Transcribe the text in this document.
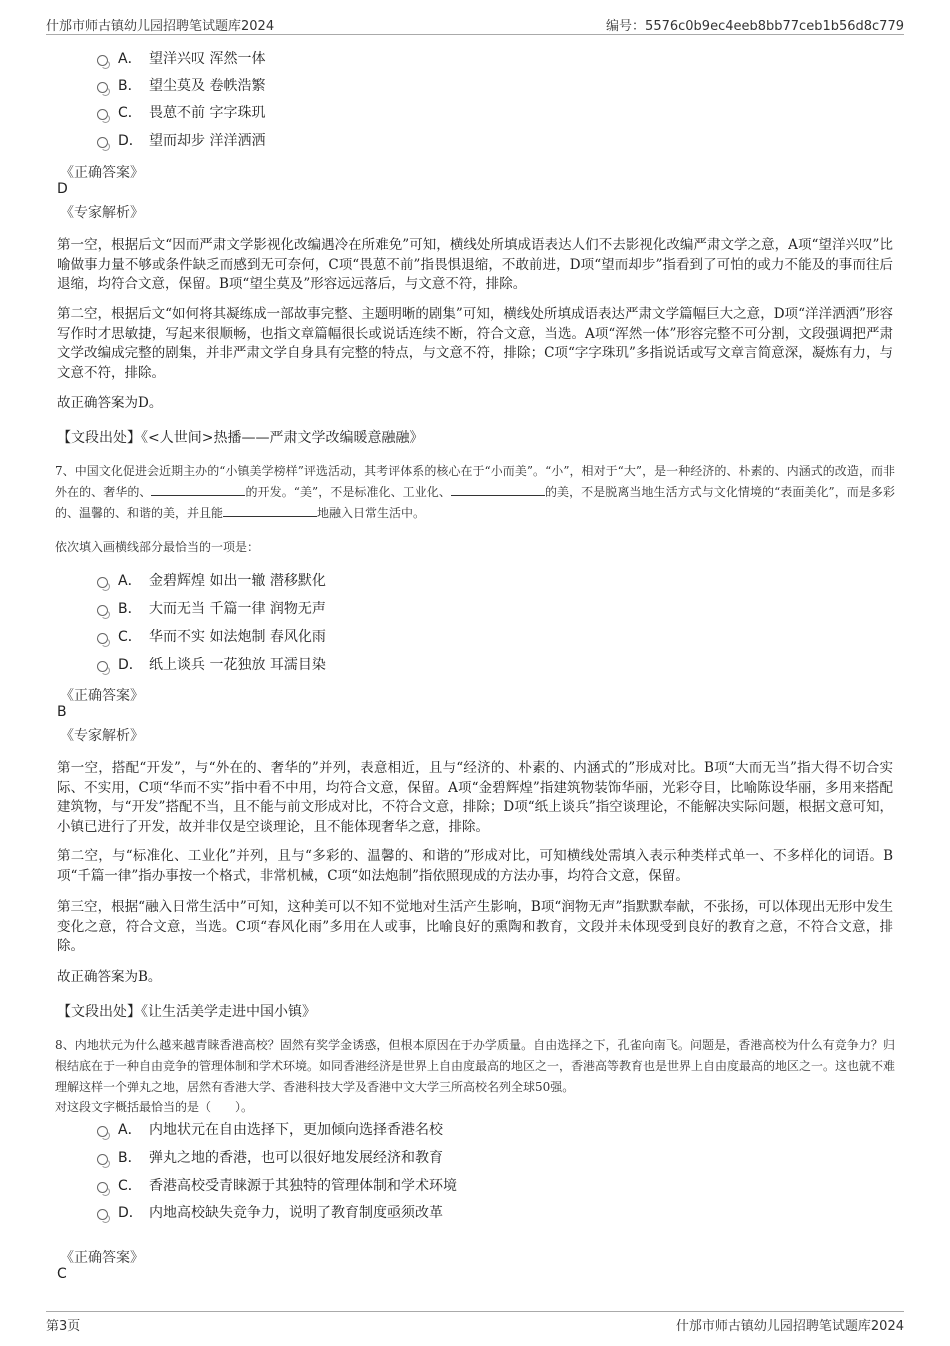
什邡市师古镇幼儿园招聘笔试题库2024	编号：5576c0b9ec4eeb8bb77ceb1b56d8c779
A． 望洋兴叹 浑然一体
B． 望尘莫及 卷帙浩繁
C． 畏葸不前 字字珠玑
D． 望而却步 洋洋洒洒
《正确答案》
D
《专家解析》
第一空，根据后文“因而严肃文学影视化改编遇冷在所难免”可知，横线处所填成语表达人们不去影视化改编严肃文学之意，A项“望洋兴叹”比喻做事力量不够或条件缺乏而感到无可奈何，C项“畏葸不前”指畏惧退缩，不敢前进，D项“望而却步”指看到了可怕的或力不能及的事而往后退缩，均符合文意，保留。B项“望尘莫及”形容远远落后，与文意不符，排除。
第二空，根据后文“如何将其凝练成一部故事完整、主题明晰的剧集”可知，横线处所填成语表达严肃文学篇幅巨大之意，D项“洋洋洒洒”形容写作时才思敏捷，写起来很顺畅，也指文章篇幅很长或说话连续不断，符合文意，当选。A项“浑然一体”形容完整不可分割，文段强调把严肃文学改编成完整的剧集，并非严肃文学自身具有完整的特点，与文意不符，排除；C项“字字珠玑”多指说话或写文章言简意深，凝炼有力，与文意不符，排除。
故正确答案为D。
【文段出处】《<人世间>热播——严肃文学改编暖意融融》
7、中国文化促进会近期主办的“小镇美学榜样”评选活动，其考评体系的核心在于“小而美”。“小”，相对于“大”，是一种经济的、朴素的、内涵式的改造，而非外在的、奢华的、	的开发。“美”，不是标准化、工业化、	的美，不是脱离当地生活方式与文化情境的“表面美化”，而是多彩的、温馨的、和谐的美，并且能	地融入日常生活中。
依次填入画横线部分最恰当的一项是：
A． 金碧辉煌 如出一辙 潜移默化
B． 大而无当 千篇一律 润物无声
C． 华而不实 如法炮制 春风化雨
D． 纸上谈兵 一花独放 耳濡目染
《正确答案》
B
《专家解析》
第一空，搭配“开发”，与“外在的、奢华的”并列，表意相近，且与“经济的、朴素的、内涵式的”形成对比。B项“大而无当”指大得不切合实际、不实用，C项“华而不实”指中看不中用，均符合文意，保留。A项“金碧辉煌”指建筑物装饰华丽，光彩夺目，比喻陈设华丽，多用来搭配建筑物，与“开发”搭配不当，且不能与前文形成对比，不符合文意，排除；D项“纸上谈兵”指空谈理论，不能解决实际问题，根据文意可知，小镇已进行了开发，故并非仅是空谈理论，且不能体现奢华之意，排除。
第二空，与“标准化、工业化”并列，且与“多彩的、温馨的、和谐的”形成对比，可知横线处需填入表示种类样式单一、不多样化的词语。B项“千篇一律”指办事按一个格式，非常机械，C项“如法炮制”指依照现成的方法办事，均符合文意，保留。
第三空，根据“融入日常生活中”可知，这种美可以不知不觉地对生活产生影响，B项“润物无声”指默默奉献，不张扬，可以体现出无形中发生变化之意，符合文意，当选。C项“春风化雨”多用在人或事，比喻良好的熏陶和教育，文段并未体现受到良好的教育之意，不符合文意，排除。
故正确答案为B。
【文段出处】《让生活美学走进中国小镇》
8、内地状元为什么越来越青睐香港高校？固然有奖学金诱惑，但根本原因在于办学质量。自由选择之下，孔雀向南飞。问题是，香港高校为什么有竞争力？归根结底在于一种自由竞争的管理体制和学术环境。如同香港经济是世界上自由度最高的地区之一，香港高等教育也是世界上自由度最高的地区之一。这也就不难理解这样一个弹丸之地，居然有香港大学、香港科技大学及香港中文大学三所高校名列全球50强。
对这段文字概括最恰当的是（　　）。
A． 内地状元在自由选择下，更加倾向选择香港名校
B． 弹丸之地的香港，也可以很好地发展经济和教育
C． 香港高校受青睐源于其独特的管理体制和学术环境
D． 内地高校缺失竞争力，说明了教育制度亟须改革
《正确答案》
C
第3页	什邡市师古镇幼儿园招聘笔试题库2024
